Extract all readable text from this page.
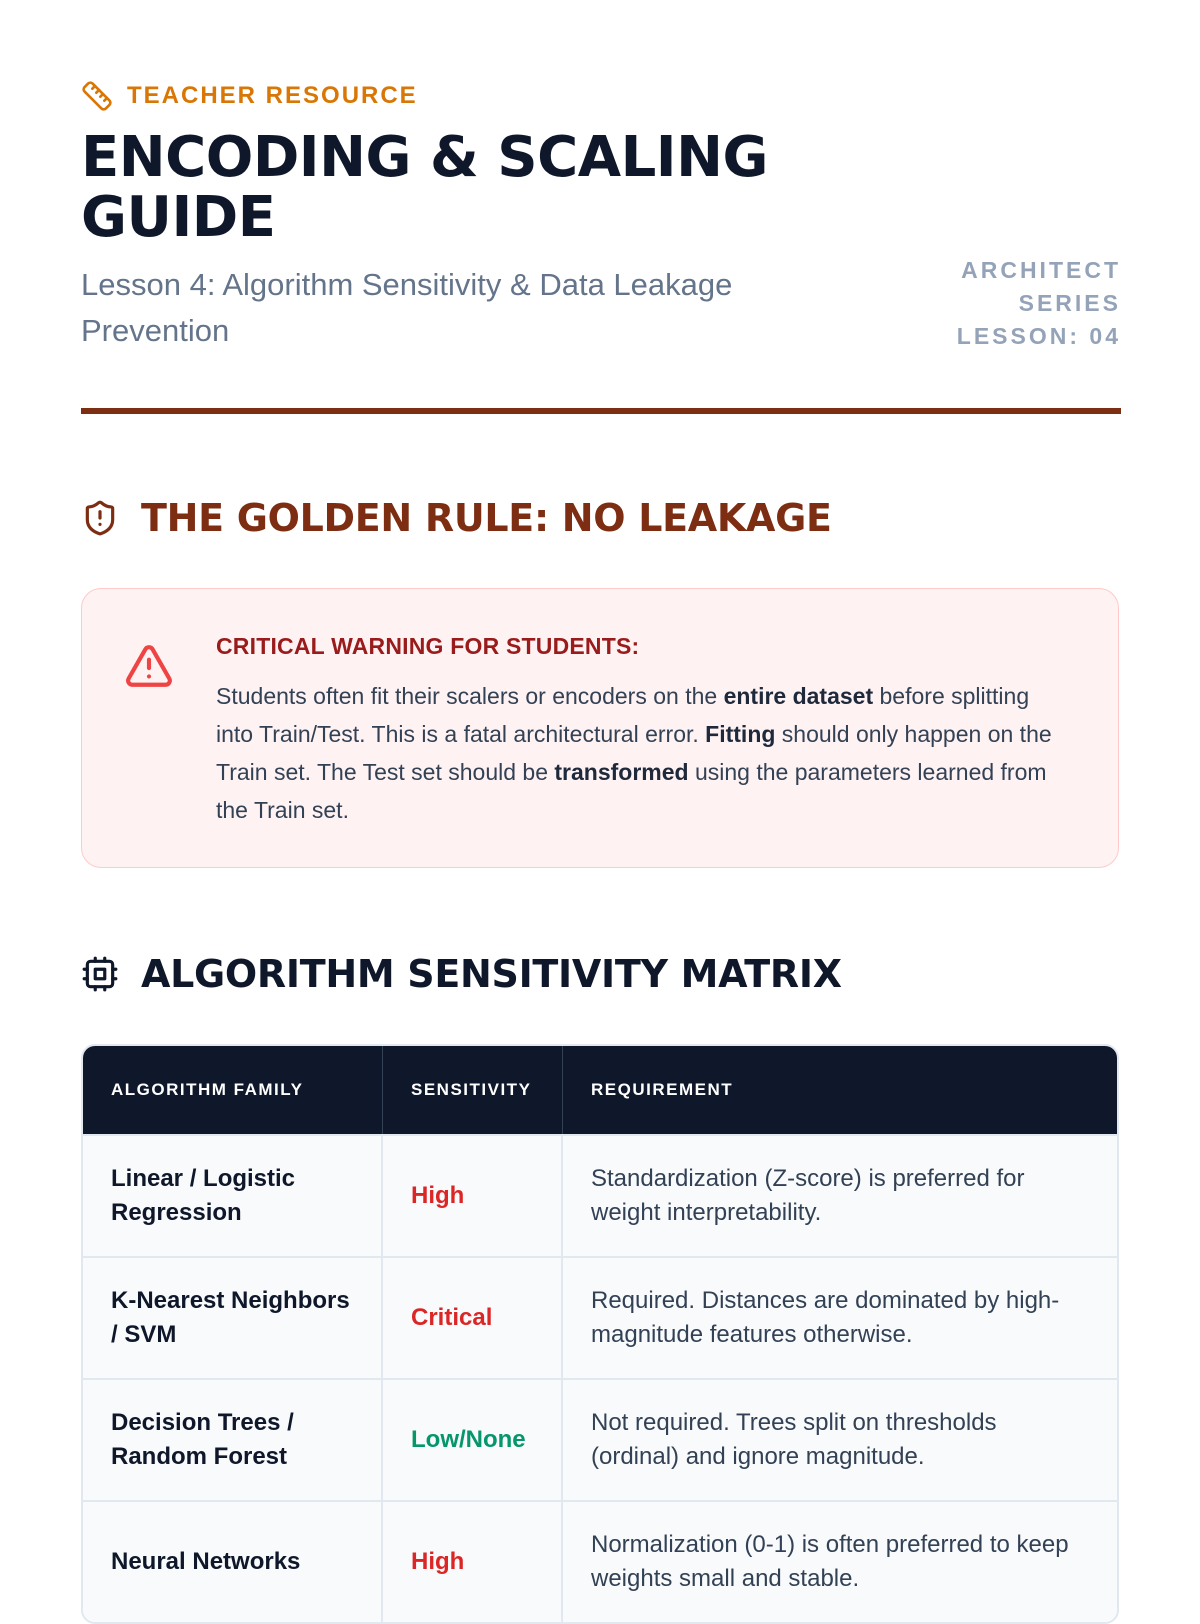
TEACHER RESOURCE
ENCODING & SCALING GUIDE
Lesson 4: Algorithm Sensitivity & Data Leakage Prevention
ARCHITECT SERIES
LESSON: 04
THE GOLDEN RULE: NO LEAKAGE
CRITICAL WARNING FOR STUDENTS:
Students often fit their scalers or encoders on the entire dataset before splitting into Train/Test. This is a fatal architectural error. Fitting should only happen on the Train set. The Test set should be transformed using the parameters learned from the Train set.
ALGORITHM SENSITIVITY MATRIX
ALGORITHM FAMILY	SENSITIVITY	REQUIREMENT
Linear / Logistic Regression	High	Standardization (Z-score) is preferred for weight interpretability.
K-Nearest Neighbors / SVM	Critical	Required. Distances are dominated by high-magnitude features otherwise.
Decision Trees / Random Forest	Low/None	Not required. Trees split on thresholds (ordinal) and ignore magnitude.
Neural Networks	High	Normalization (0-1) is often preferred to keep weights small and stable.
